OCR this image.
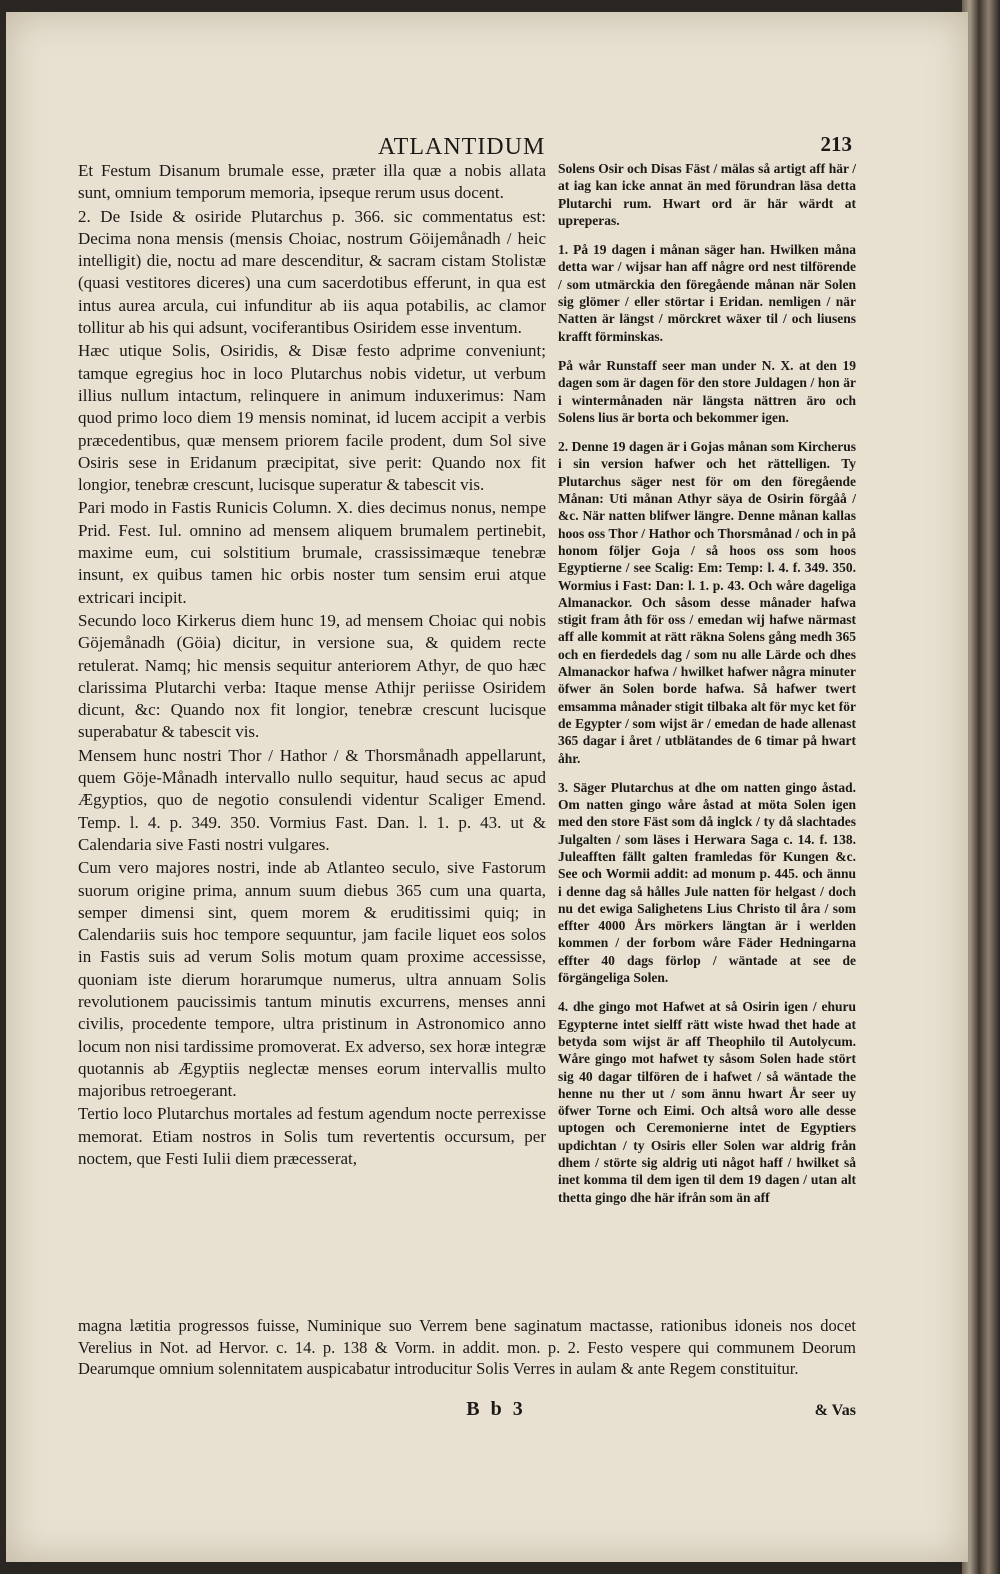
ATLANTIDUM	213

Et Festum Disanum brumale esse, præter illa quæ a nobis allata sunt, omnium temporum memoria, ipseque rerum usus docent.

2. De Iside & osiride Plutarchus p. 366. sic commentatus est: Decima nona mensis (mensis Choiac, nostrum Göijemånadh / heic intelligit) die, noctu ad mare descenditur, & sacram cistam Stolistæ (quasi vestitores diceres) una cum sacerdotibus efferunt, in qua est intus aurea arcula, cui infunditur ab iis aqua potabilis, ac clamor tollitur ab his qui adsunt, vociferantibus Osiridem esse inventum.

Hæc utique Solis, Osiridis, & Disæ festo adprime conveniunt; tamque egregius hoc in loco Plutarchus nobis videtur, ut verbum illius nullum intactum, relinquere in animum induxerimus: Nam quod primo loco diem 19 mensis nominat, id lucem accipit a verbis præcedentibus, quæ mensem priorem facile prodent, dum Sol sive Osiris sese in Eridanum præcipitat, sive perit: Quando nox fit longior, tenebræ crescunt, lucisque superatur & tabescit vis.

Pari modo in Fastis Runicis Column. X. dies decimus nonus, nempe Prid. Fest. Iul. omnino ad mensem aliquem brumalem pertinebit, maxime eum, cui solstitium brumale, crassissimæque tenebræ insunt, ex quibus tamen hic orbis noster tum sensim erui atque extricari incipit.

Secundo loco Kirkerus diem hunc 19, ad mensem Choiac qui nobis Göjemånadh (Göia) dicitur, in versione sua, & quidem recte retulerat. Namq; hic mensis sequitur anteriorem Athyr, de quo hæc clarissima Plutarchi verba: Itaque mense Athijr periisse Osiridem dicunt, &c: Quando nox fit longior, tenebræ crescunt lucisque superabatur & tabescit vis.

Mensem hunc nostri Thor / Hathor / & Thorsmånadh appellarunt, quem Göje-Månadh intervallo nullo sequitur, haud secus ac apud Ægyptios, quo de negotio consulendi videntur Scaliger Emend. Temp. l. 4. p. 349. 350. Vormius Fast. Dan. l. 1. p. 43. ut & Calendaria sive Fasti nostri vulgares.

Cum vero majores nostri, inde ab Atlanteo seculo, sive Fastorum suorum origine prima, annum suum diebus 365 cum una quarta, semper dimensi sint, quem morem & eruditissimi quiq; in Calendariis suis hoc tempore sequuntur, jam facile liquet eos solos in Fastis suis ad verum Solis motum quam proxime accessisse, quoniam iste dierum horarumque numerus, ultra annuam Solis revolutionem paucissimis tantum minutis excurrens, menses anni civilis, procedente tempore, ultra pristinum in Astronomico anno locum non nisi tardissime promoverat. Ex adverso, sex horæ integræ quotannis ab Ægyptiis neglectæ menses eorum intervallis multo majoribus retroegerant.

Tertio loco Plutarchus mortales ad festum agendum nocte perrexisse memorat. Etiam nostros in Solis tum revertentis occursum, per noctem, que Festi Iulii diem præcesserat,

Solens Osir och Disas Fäst / mälas så artigt aff här / at iag kan icke annat än med förundran läsa detta Plutarchi rum. Hwart ord är här wärdt at upreperas.

1. På 19 dagen i månan säger han. Hwilken måna detta war / wijsar han aff någre ord nest tilförende / som utmärckia den föregående månan när Solen sig glömer / eller störtar i Eridan. nemligen / när Natten är längst / mörckret wäxer til / och liusens krafft förminskas.

På wår Runstaff seer man under N. X. at den 19 dagen som är dagen för den store Juldagen / hon är i wintermånaden när längsta nättren äro och Solens lius är borta och bekommer igen.

2. Denne 19 dagen är i Gojas månan som Kircherus i sin version hafwer och het rättelligen. Ty Plutarchus säger nest för om den föregående Månan: Uti månan Athyr säya de Osirin förgåå / &c. När natten blifwer längre. Denne månan kallas hoos oss Thor / Hathor och Thorsmånad / och in på honom följer Goja / så hoos oss som hoos Egyptierne / see Scalig: Em: Temp: l. 4. f. 349. 350. Wormius i Fast: Dan: l. 1. p. 43. Och wåre dageliga Almanackor. Och såsom desse månader hafwa stigit fram åth för oss / emedan wij hafwe närmast aff alle kommit at rätt räkna Solens gång medh 365 och en fierdedels dag / som nu alle Lärde och dhes Almanackor hafwa / hwilket hafwer några minuter öfwer än Solen borde hafwa. Så hafwer twert emsamma månader stigit tilbaka alt för myc ket för de Egypter / som wijst är / emedan de hade allenast 365 dagar i året / utblätandes de 6 timar på hwart åhr.

3. Säger Plutarchus at dhe om natten gingo åstad. Om natten gingo wåre åstad at möta Solen igen med den store Fäst som då inglck / ty då slachtades Julgalten / som läses i Herwara Saga c. 14. f. 138. Juleafften fällt galten framledas för Kungen &c. See och Wormii addit: ad monum p. 445. och ännu i denne dag så hålles Jule natten för helgast / doch nu det ewiga Salighetens Lius Christo til åra / som effter 4000 Års mörkers längtan är i werlden kommen / der forbom wåre Fäder Hedningarna effter 40 dags förlop / wäntade at see de förgängeliga Solen.

4. dhe gingo mot Hafwet at så Osirin igen / ehuru Egypterne intet sielff rätt wiste hwad thet hade at betyda som wijst är aff Theophilo til Autolycum. Wåre gingo mot hafwet ty såsom Solen hade stört sig 40 dagar tilfören de i hafwet / så wäntade the henne nu ther ut / som ännu hwart År seer uy öfwer Torne och Eimi. Och altså woro alle desse uptogen och Ceremonierne intet de Egyptiers updichtan / ty Osiris eller Solen war aldrig från dhem / störte sig aldrig uti något haff / hwilket så inet komma til dem igen til dem 19 dagen / utan alt thetta gingo dhe här ifrån som än aff

magna lætitia progressos fuisse, Numinique suo Verrem bene saginatum mactasse, rationibus idoneis nos docet Verelius in Not. ad Hervor. c. 14. p. 138 & Vorm. in addit. mon. p. 2. Festo vespere qui communem Deorum Dearumque omnium solennitatem auspicabatur introducitur Solis Verres in aulam & ante Regem constituitur.
B b 3	& Vas
